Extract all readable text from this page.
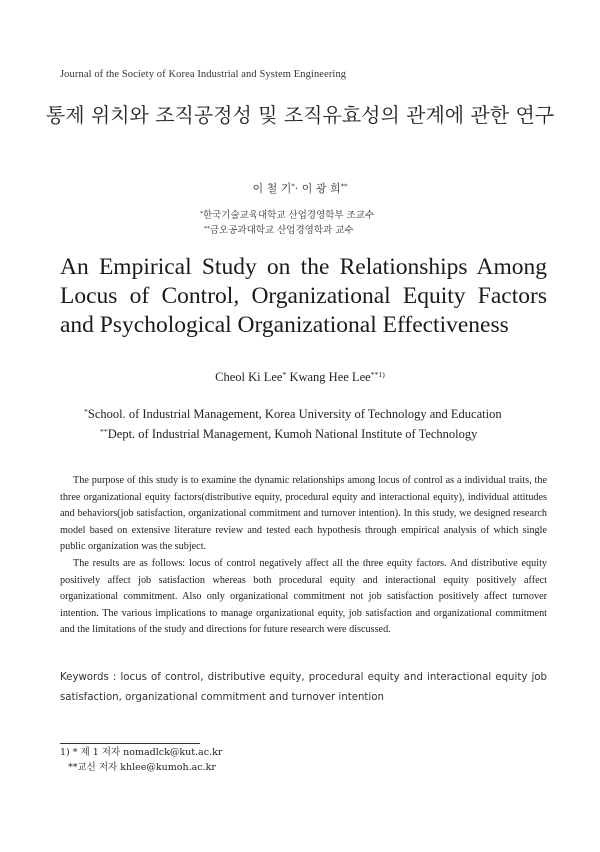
Journal of the Society of Korea Industrial and System Engineering
통제 위치와 조직공정성 및 조직유효성의 관계에 관한 연구
이 철 기*· 이 광 희**
*한국기술교육대학교 산업경영학부 조교수
**금오공과대학교 산업경영학과 교수
An Empirical Study on the Relationships Among Locus of Control, Organizational Equity Factors and Psychological Organizational Effectiveness
Cheol Ki Lee* Kwang Hee Lee$^{**1)}$
*School. of Industrial Management, Korea University of Technology and Education
**Dept. of Industrial Management, Kumoh National Institute of Technology

The purpose of this study is to examine the dynamic relationships among locus of control as a individual traits, the three organizational equity factors(distributive equity, procedural equity and interactional equity), individual attitudes and behaviors(job satisfaction, organizational commitment and turnover intention). In this study, we designed research model based on extensive literature review and tested each hypothesis through empirical analysis of which single public organization was the subject.

The results are as follows: locus of control negatively affect all the three equity factors. And distributive equity positively affect job satisfaction whereas both procedural equity and interactional equity positively affect organizational commitment. Also only organizational commitment not job satisfaction positively affect turnover intention. The various implications to manage organizational equity, job satisfaction and organizational commitment and the limitations of the study and directions for future research were discussed.

Keywords : locus of control, distributive equity, procedural equity and interactional equity job satisfaction, organizational commitment and turnover intention
1) * 제 1 저자 nomadlck@kut.ac.kr
**교신 저자 khlee@kumoh.ac.kr
